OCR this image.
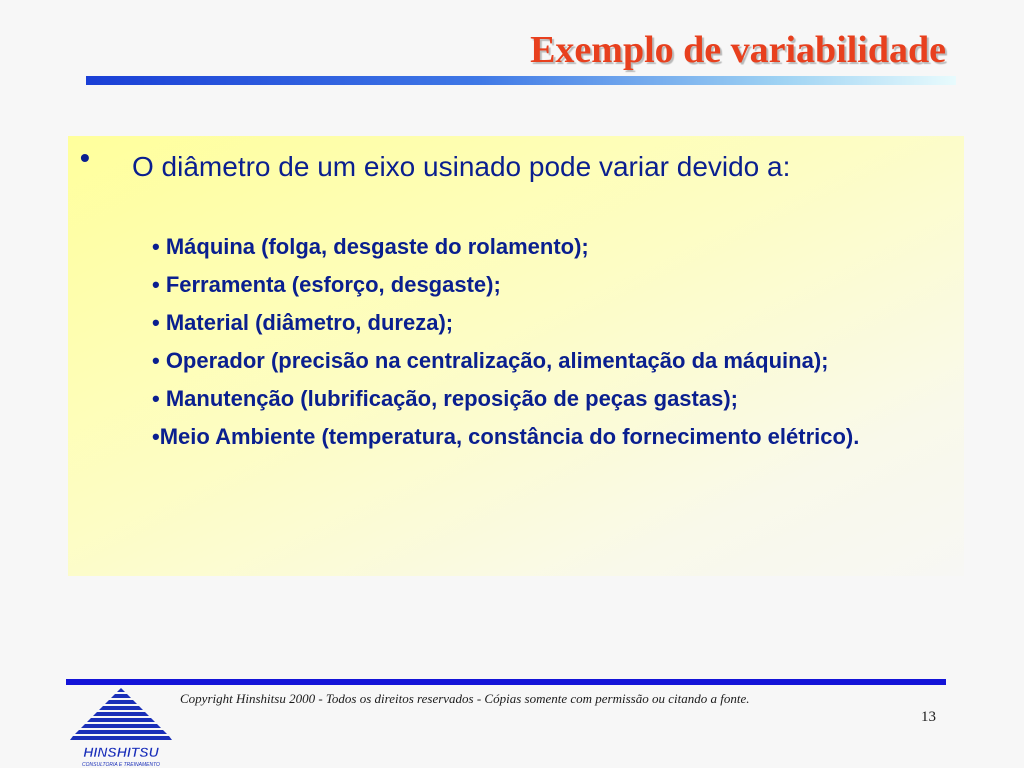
Exemplo de variabilidade
• O diâmetro de um eixo usinado pode variar devido a:
• Máquina (folga, desgaste do rolamento);
• Ferramenta (esforço, desgaste);
• Material (diâmetro, dureza);
• Operador (precisão na centralização, alimentação da máquina);
• Manutenção (lubrificação, reposição de peças gastas);
•Meio Ambiente (temperatura, constância do fornecimento elétrico).
HINSHITSU
CONSULTORIA E TREINAMENTO
Copyright Hinshitsu 2000 - Todos os direitos reservados - Cópias somente com permissão ou citando a fonte.
13
